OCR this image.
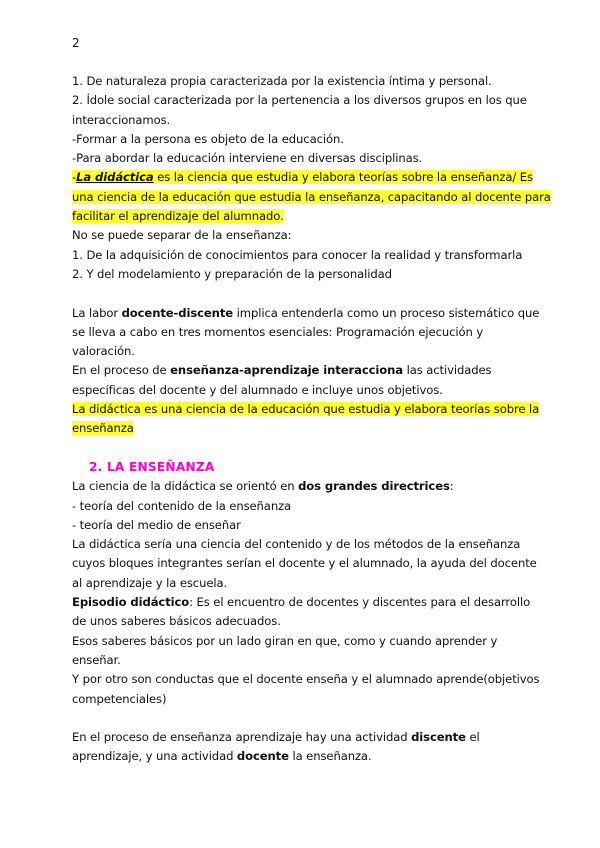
2
1. De naturaleza propia caracterizada por la existencia íntima y personal.
2. Ídole social caracterizada por la pertenencia a los diversos grupos en los que
interaccionamos.
-Formar a la persona es objeto de la educación.
-Para abordar la educación interviene en diversas disciplinas.
-La didáctica es la ciencia que estudia y elabora teorías sobre la enseñanza/ Es
una ciencia de la educación que estudia la enseñanza, capacitando al docente para
facilitar el aprendizaje del alumnado.
No se puede separar de la enseñanza:
1. De la adquisición de conocimientos para conocer la realidad y transformarla
2. Y del modelamiento y preparación de la personalidad
La labor docente-discente implica entenderla como un proceso sistemático que
se lleva a cabo en tres momentos esenciales: Programación ejecución y
valoración.
En el proceso de enseñanza-aprendizaje interacciona las actividades
específicas del docente y del alumnado e incluye unos objetivos.
La didáctica es una ciencia de la educación que estudia y elabora teorías sobre la
enseñanza
2. LA ENSEÑANZA
La ciencia de la didáctica se orientó en dos grandes directrices:
- teoría del contenido de la enseñanza
- teoría del medio de enseñar
La didáctica sería una ciencia del contenido y de los métodos de la enseñanza
cuyos bloques integrantes serían el docente y el alumnado, la ayuda del docente
al aprendizaje y la escuela.
Episodio didáctico: Es el encuentro de docentes y discentes para el desarrollo
de unos saberes básicos adecuados.
Esos saberes básicos por un lado giran en que, como y cuando aprender y
enseñar.
Y por otro son conductas que el docente enseña y el alumnado aprende(objetivos
competenciales)
En el proceso de enseñanza aprendizaje hay una actividad discente el
aprendizaje, y una actividad docente la enseñanza.
